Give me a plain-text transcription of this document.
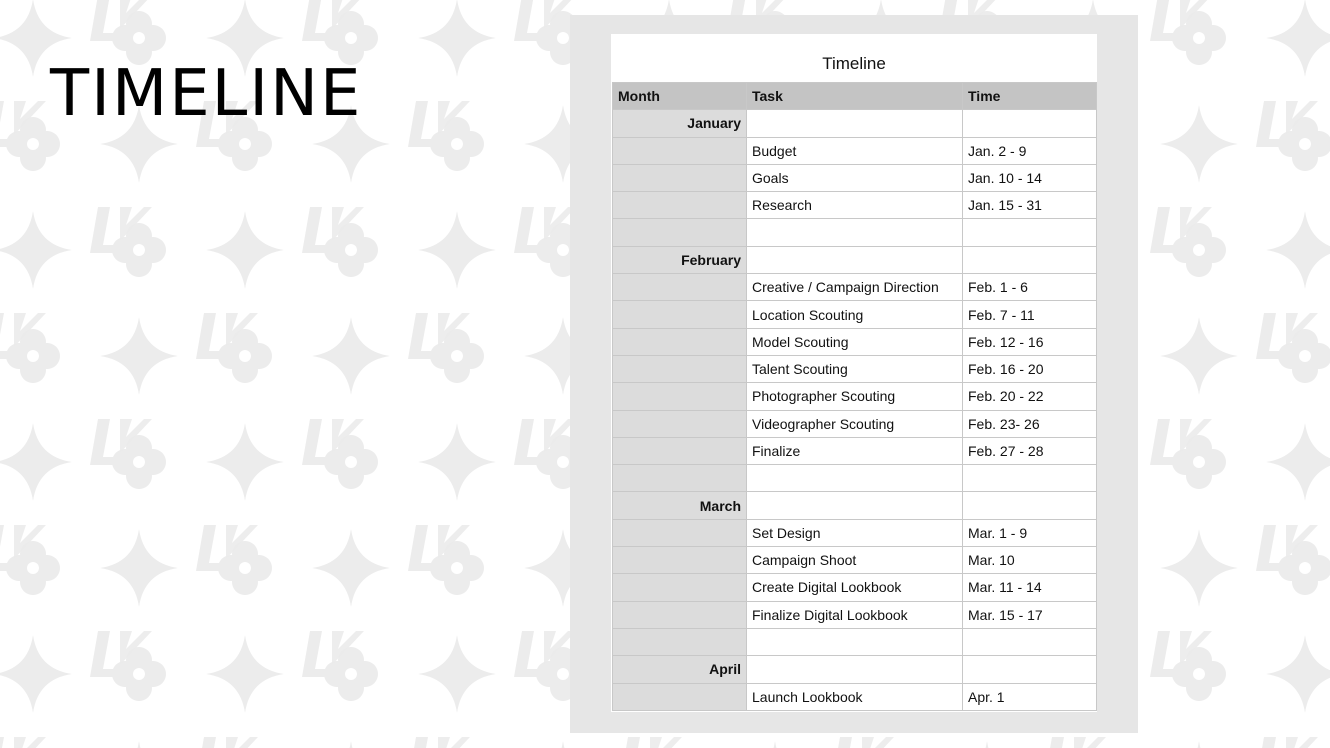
TIMELINE	Timeline
Month	Task	Time
January		
	Budget	Jan. 2 - 9
	Goals	Jan. 10 - 14
	Research	Jan. 15 - 31

February		
	Creative / Campaign Direction	Feb. 1 - 6
	Location Scouting	Feb. 7 - 11
	Model Scouting	Feb. 12 - 16
	Talent Scouting	Feb. 16 - 20
	Photographer Scouting	Feb. 20 - 22
	Videographer Scouting	Feb. 23- 26
	Finalize	Feb. 27 - 28

March		
	Set Design	Mar. 1 - 9
	Campaign Shoot	Mar. 10
	Create Digital Lookbook	Mar. 11 - 14
	Finalize Digital Lookbook	Mar. 15 - 17

April		
	Launch Lookbook	Apr. 1
